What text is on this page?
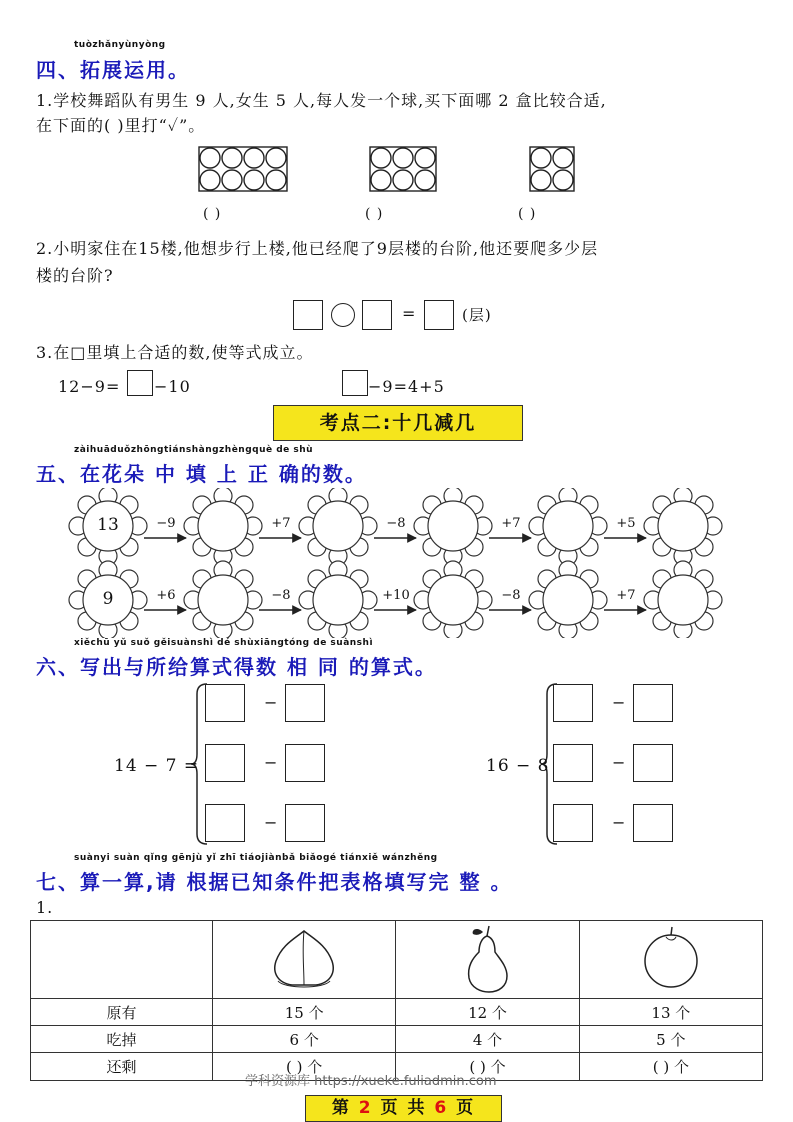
tuòzhǎnyùnyòng
四、拓展运用。
1.学校舞蹈队有男生 9 人,女生 5 人,每人发一个球,买下面哪 2 盒比较合适,
在下面的( )里打“✓”。
( )	( )	( )
2.小明家住在15楼,他想步行上楼,他已经爬了9层楼的台阶,他还要爬多少层
楼的台阶?
=	(层)
3.在□里填上合适的数,使等式成立。
12−9= −10	−9=4+5
考点二:十几减几
zàihuāduǒzhōngtiánshàngzhèngquè de shù
五、在花朵 中 填 上 正 确的数。
13	−9	+7	−8	+7	+5
9	+6	−8	+10	−8	+7
xiěchū yǔ suǒ gěisuànshì dé shùxiāngtóng de suànshì
六、写出与所给算式得数 相 同 的算式。
14 − 7 =
−
−
−
16 − 8
−
−
−
suànyi suàn qǐng gēnjù yǐ zhī tiáojiànbǎ biǎogé tiánxiě wánzhěng
七、算一算,请 根据已知条件把表格填写完 整 。
1.

原有	15 个	12 个	13 个
吃掉	6 个	4 个	5 个
还剩	( ) 个	( ) 个	( ) 个
学科资源库 https://xueke.fuliadmin.com
第 2 页 共 6 页
